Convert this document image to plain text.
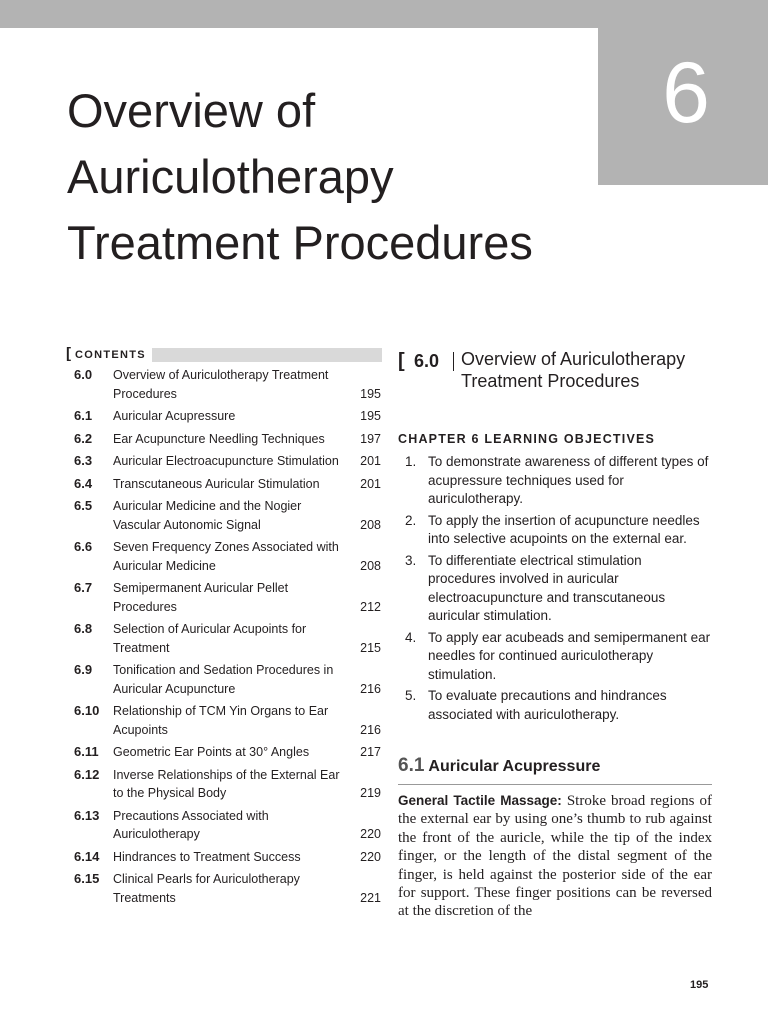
6
Overview of
Auriculotherapy
Treatment Procedures
[ CONTENTS
6.0 Overview of Auriculotherapy Treatment Procedures	195
6.1 Auricular Acupressure	195
6.2 Ear Acupuncture Needling Techniques	197
6.3 Auricular Electroacupuncture Stimulation 201
6.4 Transcutaneous Auricular Stimulation	201
6.5 Auricular Medicine and the Nogier Vascular Autonomic Signal	208
6.6 Seven Frequency Zones Associated with Auricular Medicine	208
6.7 Semipermanent Auricular Pellet Procedures	212
6.8 Selection of Auricular Acupoints for Treatment	215
6.9 Tonification and Sedation Procedures in Auricular Acupuncture	216
6.10 Relationship of TCM Yin Organs to Ear Acupoints	216
6.11 Geometric Ear Points at 30° Angles	217
6.12 Inverse Relationships of the External Ear to the Physical Body	219
6.13 Precautions Associated with Auriculotherapy	220
6.14 Hindrances to Treatment Success	220
6.15 Clinical Pearls for Auriculotherapy Treatments	221
[ 6.0 Overview of Auriculotherapy Treatment Procedures
CHAPTER 6 LEARNING OBJECTIVES
1. To demonstrate awareness of different types of acupressure techniques used for auriculotherapy.
2. To apply the insertion of acupuncture needles into selective acupoints on the external ear.
3. To differentiate electrical stimulation procedures involved in auricular electroacupuncture and transcutaneous auricular stimulation.
4. To apply ear acubeads and semipermanent ear needles for continued auriculotherapy stimulation.
5. To evaluate precautions and hindrances associated with auriculotherapy.
6.1 Auricular Acupressure
General Tactile Massage: Stroke broad regions of the external ear by using one’s thumb to rub against the front of the auricle, while the tip of the index finger, or the length of the distal segment of the finger, is held against the posterior side of the ear for support. These finger positions can be reversed at the discretion of the
195
